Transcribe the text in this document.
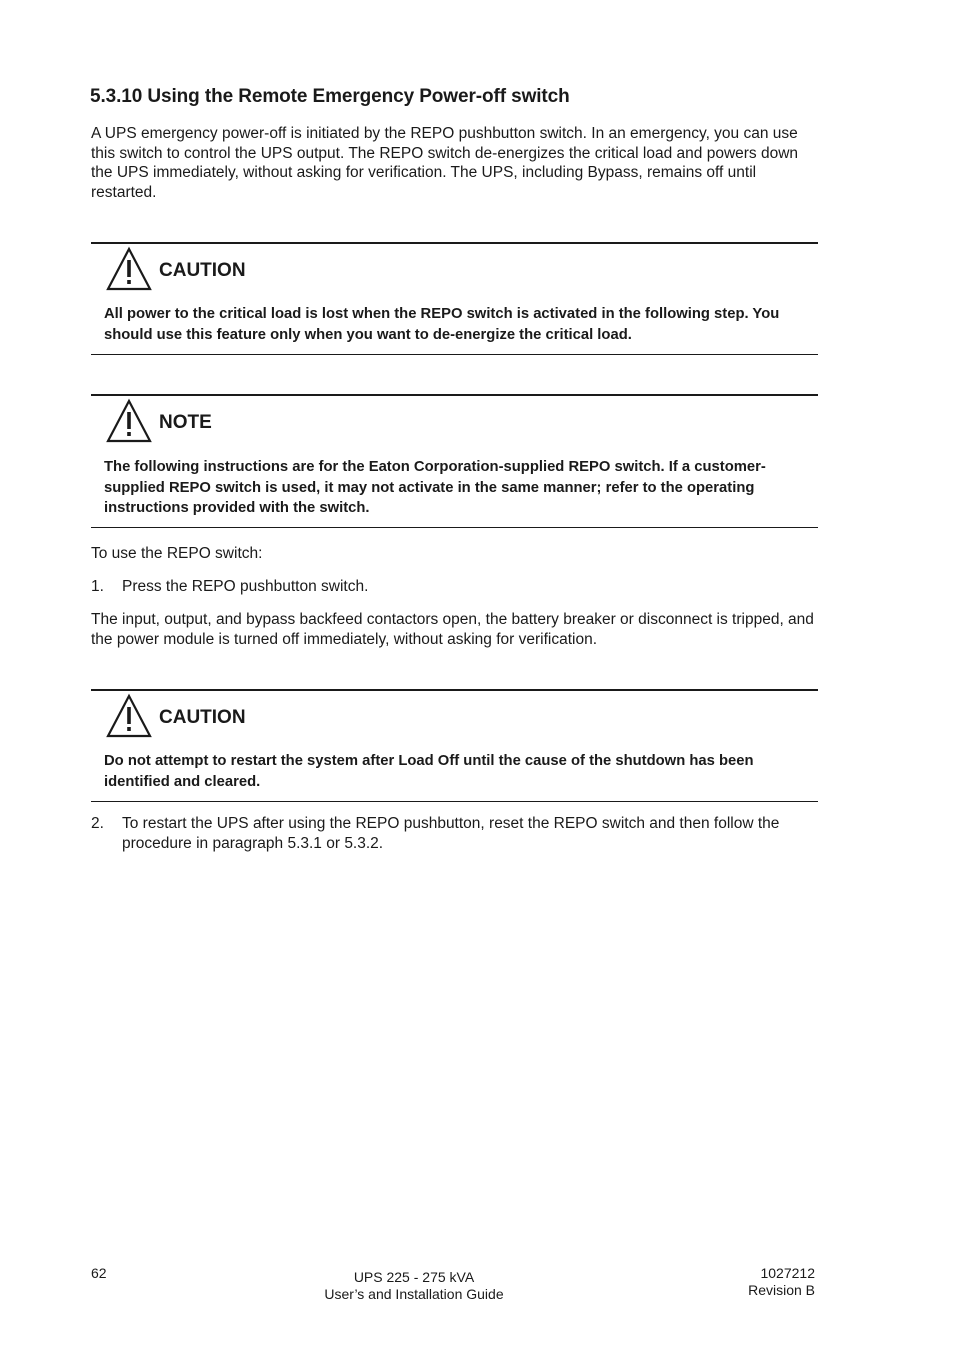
5.3.10 Using the Remote Emergency Power-off switch

A UPS emergency power-off is initiated by the REPO pushbutton switch. In an emergency, you can use this switch to control the UPS output. The REPO switch de-energizes the critical load and powers down the UPS immediately, without asking for verification. The UPS, including Bypass, remains off until restarted.

CAUTION

All power to the critical load is lost when the REPO switch is activated in the following step. You should use this feature only when you want to de-energize the critical load.

NOTE

The following instructions are for the Eaton Corporation-supplied REPO switch. If a customer-supplied REPO switch is used, it may not activate in the same manner; refer to the operating instructions provided with the switch.

To use the REPO switch:

1. Press the REPO pushbutton switch.

The input, output, and bypass backfeed contactors open, the battery breaker or disconnect is tripped, and the power module is turned off immediately, without asking for verification.

CAUTION

Do not attempt to restart the system after Load Off until the cause of the shutdown has been identified and cleared.

2. To restart the UPS after using the REPO pushbutton, reset the REPO switch and then follow the procedure in paragraph 5.3.1 or 5.3.2.
62	UPS 225 - 275 kVA
User’s and Installation Guide
1027212
Revision B
